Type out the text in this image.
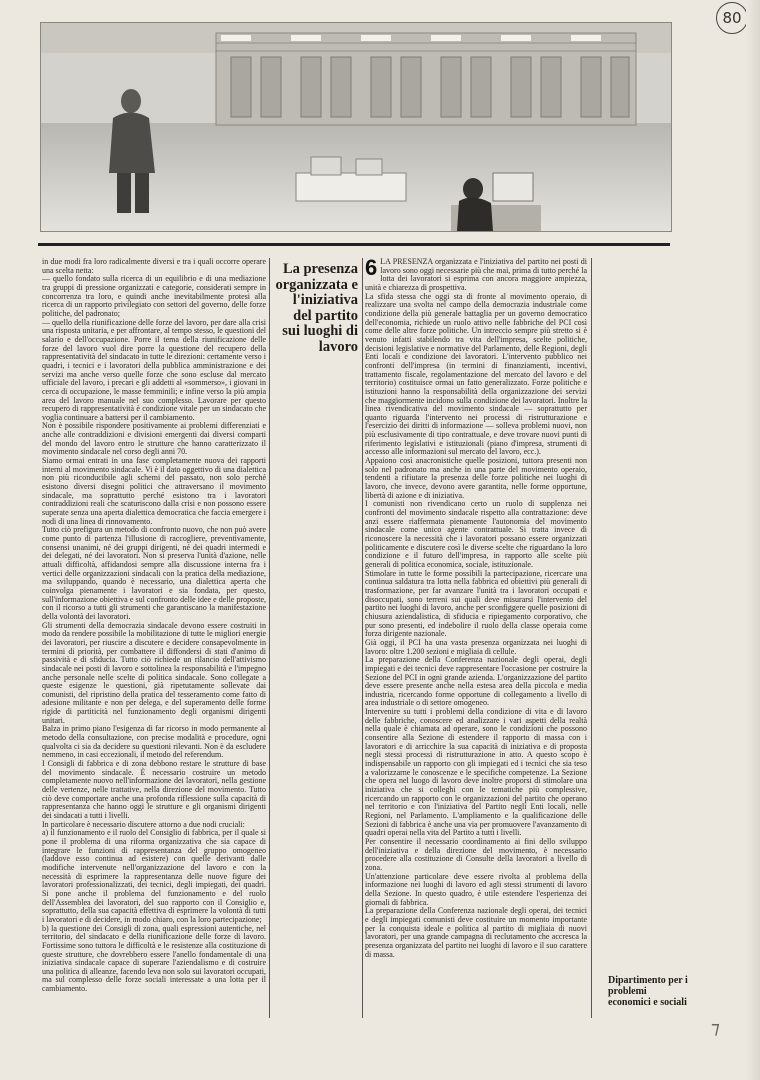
80

in due modi fra loro radicalmente diversi e tra i quali occorre operare una scelta netta:

— quello fondato sulla ricerca di un equilibrio e di una mediazione tra gruppi di pressione organizzati e categorie, considerati sempre in concorrenza tra loro, e quindi anche inevitabilmente protesi alla ricerca di un rapporto privilegiato con settori del governo, delle forze politiche, del padronato;

— quello della riunificazione delle forze del lavoro, per dare alla crisi una risposta unitaria, e per affrontare, al tempo stesso, le questioni del salario e dell'occupazione. Porre il tema della riunificazione delle forze del lavoro vuol dire porre la questione del recupero della rappresentatività del sindacato in tutte le direzioni: certamente verso i quadri, i tecnici e i lavoratori della pubblica amministrazione e dei servizi ma anche verso quelle forze che sono escluse dal mercato ufficiale del lavoro, i precari e gli addetti al «sommerso», i giovani in cerca di occupazione, le masse femminili; e infine verso la più ampia area del lavoro manuale nel suo complesso. Lavorare per questo recupero di rappresentatività è condizione vitale per un sindacato che voglia continuare a battersi per il cambiamento.

Non è possibile rispondere positivamente ai problemi differenziati e anche alle contraddizioni e divisioni emergenti dai diversi comparti del mondo del lavoro entro le strutture che hanno caratterizzato il movimento sindacale nel corso degli anni 70.

Siamo ormai entrati in una fase completamente nuova dei rapporti interni al movimento sindacale. Vi è il dato oggettivo di una dialettica non più riconducibile agli schemi del passato, non solo perché esistono diversi disegni politici che attraversano il movimento sindacale, ma soprattutto perché esistono tra i lavoratori contraddizioni reali che scaturiscono dalla crisi e non possono essere superate senza una aperta dialettica democratica che faccia emergere i nodi di una linea di rinnovamento.

Tutto ciò prefigura un metodo di confronto nuovo, che non può avere come punto di partenza l'illusione di raccogliere, preventivamente, consensi unanimi, né dei gruppi dirigenti, né dei quadri intermedi e dei delegati, né dei lavoratori. Non si preserva l'unità d'azione, nelle attuali difficoltà, affidandosi sempre alla discussione interna fra i vertici delle organizzazioni sindacali con la pratica della mediazione, ma sviluppando, quando è necessario, una dialettica aperta che coinvolga pienamente i lavoratori e sia fondata, per questo, sull'informazione obiettiva e sul confronto delle idee e delle proposte, con il ricorso a tutti gli strumenti che garantiscano la manifestazione della volontà dei lavoratori.

Gli strumenti della democrazia sindacale devono essere costruiti in modo da rendere possibile la mobilitazione di tutte le migliori energie dei lavoratori, per riuscire a discutere e decidere consapevolmente in termini di priorità, per combattere il diffondersi di stati d'animo di passività e di sfiducia. Tutto ciò richiede un rilancio dell'attivismo sindacale nei posti di lavoro e sottolinea la responsabilità e l'impegno anche personale nelle scelte di politica sindacale. Sono collegate a queste esigenze le questioni, già ripetutamente sollevate dai comunisti, del ripristino della pratica del tesseramento come fatto di adesione militante e non per delega, e del superamento delle forme rigide di partiticità nel funzionamento degli organismi dirigenti unitari.

Balza in primo piano l'esigenza di far ricorso in modo permanente al metodo della consultazione, con precise modalità e procedure, ogni qualvolta ci sia da decidere su questioni rilevanti. Non è da escludere nemmeno, in casi eccezionali, il metodo del referendum.

I Consigli di fabbrica e di zona debbono restare le strutture di base del movimento sindacale. È necessario costruire un metodo completamente nuovo nell'informazione dei lavoratori, nella gestione delle vertenze, nelle trattative, nella direzione del movimento. Tutto ciò deve comportare anche una profonda riflessione sulla capacità di rappresentanza che hanno oggi le strutture e gli organismi dirigenti dei sindacati a tutti i livelli.

In particolare è necessario discutere attorno a due nodi cruciali:

a) il funzionamento e il ruolo del Consiglio di fabbrica, per il quale si pone il problema di una riforma organizzativa che sia capace di integrare le funzioni di rappresentanza del gruppo omogeneo (laddove esso continua ad esistere) con quelle derivanti dalle modifiche intervenute nell'organizzazione del lavoro e con la necessità di esprimere la rappresentanza delle nuove figure dei lavoratori professionalizzati, dei tecnici, degli impiegati, dei quadri. Si pone anche il problema del funzionamento e del ruolo dell'Assemblea dei lavoratori, del suo rapporto con il Consiglio e, soprattutto, della sua capacità effettiva di esprimere la volontà di tutti i lavoratori e di decidere, in modo chiaro, con la loro partecipazione;

b) la questione dei Consigli di zona, quali espressioni autentiche, nel territorio, del sindacato e della riunificazione delle forze di lavoro. Fortissime sono tuttora le difficoltà e le resistenze alla costituzione di queste strutture, che dovrebbero essere l'anello fondamentale di una iniziativa sindacale capace di superare l'aziendalismo e di costruire una politica di alleanze, facendo leva non solo sui lavoratori occupati, ma sul complesso delle forze sociali interessate a una lotta per il cambiamento.

La presenza organizzata e l'iniziativa del partito sui luoghi di lavoro

6 LA PRESENZA organizzata e l'iniziativa del partito nei posti di lavoro sono oggi necessarie più che mai, prima di tutto perché la lotta dei lavoratori si esprima con ancora maggiore ampiezza, unità e chiarezza di prospettiva.

La sfida stessa che oggi sta di fronte al movimento operaio, di realizzare una svolta nel campo della democrazia industriale come condizione della più generale battaglia per un governo democratico dell'economia, richiede un ruolo attivo nelle fabbriche del PCI così come delle altre forze politiche. Un intreccio sempre più stretto si è venuto infatti stabilendo tra vita dell'impresa, scelte politiche, decisioni legislative e normative del Parlamento, delle Regioni, degli Enti locali e condizione dei lavoratori. L'intervento pubblico nei confronti dell'impresa (in termini di finanziamenti, incentivi, trattamento fiscale, regolamentazione del mercato del lavoro e del territorio) costituisce ormai un fatto generalizzato. Forze politiche e istituzioni hanno la responsabilità della organizzazione dei servizi che maggiormente incidono sulla condizione dei lavoratori. Inoltre la linea rivendicativa del movimento sindacale — soprattutto per quanto riguarda l'intervento nei processi di ristrutturazione e l'esercizio dei diritti di informazione — solleva problemi nuovi, non più esclusivamente di tipo contrattuale, e deve trovare nuovi punti di riferimento legislativi e istituzionali (piano d'impresa, strumenti di accesso alle informazioni sul mercato del lavoro, ecc.).

Appaiono così anacronistiche quelle posizioni, tuttora presenti non solo nel padronato ma anche in una parte del movimento operaio, tendenti a rifiutare la presenza delle forze politiche nei luoghi di lavoro, che invece, devono avere garantita, nelle forme opportune, libertà di azione e di iniziativa.

I comunisti non rivendicano certo un ruolo di supplenza nei confronti del movimento sindacale rispetto alla contrattazione: deve anzi essere riaffermata pienamente l'autonomia del movimento sindacale come unico agente contrattuale. Si tratta invece di riconoscere la necessità che i lavoratori possano essere organizzati politicamente e discutere così le diverse scelte che riguardano la loro condizione e il futuro dell'impresa, in rapporto alle scelte più generali di politica economica, sociale, istituzionale.

Stimolare in tutte le forme possibili la partecipazione, ricercare una continua saldatura tra lotta nella fabbrica ed obiettivi più generali di trasformazione, per far avanzare l'unità tra i lavoratori occupati e disoccupati, sono terreni sui quali deve misurarsi l'intervento del partito nei luoghi di lavoro, anche per sconfiggere quelle posizioni di chiusura aziendalistica, di sfiducia e ripiegamento corporativo, che pur sono presenti, ed indebolire il ruolo della classe operaia come forza dirigente nazionale.

Già oggi, il PCI ha una vasta presenza organizzata nei luoghi di lavoro: oltre 1.200 sezioni e migliaia di cellule.

La preparazione della Conferenza nazionale degli operai, degli impiegati e dei tecnici deve rappresentare l'occasione per costruire la Sezione del PCI in ogni grande azienda. L'organizzazione del partito deve essere presente anche nella estesa area della piccola e media industria, ricercando forme opportune di collegamento a livello di area industriale o di settore omogeneo.

Intervenire su tutti i problemi della condizione di vita e di lavoro delle fabbriche, conoscere ed analizzare i vari aspetti della realtà nella quale è chiamata ad operare, sono le condizioni che possono consentire alla Sezione di estendere il rapporto di massa con i lavoratori e di arricchire la sua capacità di iniziativa e di proposta negli stessi processi di ristrutturazione in atto. A questo scopo è indispensabile un rapporto con gli impiegati ed i tecnici che sia teso a valorizzarne le conoscenze e le specifiche competenze. La Sezione che opera nel luogo di lavoro deve inoltre proporsi di stimolare una iniziativa che si colleghi con le tematiche più complessive, ricercando un rapporto con le organizzazioni del partito che operano nel territorio e con l'iniziativa del Partito negli Enti locali, nelle Regioni, nel Parlamento. L'ampliamento e la qualificazione delle Sezioni di fabbrica è anche una via per promuovere l'avanzamento di quadri operai nella vita del Partito a tutti i livelli.

Per consentire il necessario coordinamento ai fini dello sviluppo dell'iniziativa e della direzione del movimento, è necessario procedere alla costituzione di Consulte della lavoratori a livello di zona.

Un'attenzione particolare deve essere rivolta al problema della informazione nei luoghi di lavoro ed agli stessi strumenti di lavoro della Sezione. In questo quadro, è utile estendere l'esperienza dei giornali di fabbrica.

La preparazione della Conferenza nazionale degli operai, dei tecnici e degli impiegati comunisti deve costituire un momento importante per la conquista ideale e politica al partito di migliaia di nuovi lavoratori, per una grande campagna di reclutamento che accresca la presenza organizzata del partito nei luoghi di lavoro e il suo carattere di massa.

Dipartimento per i problemi economici e sociali
⁊
